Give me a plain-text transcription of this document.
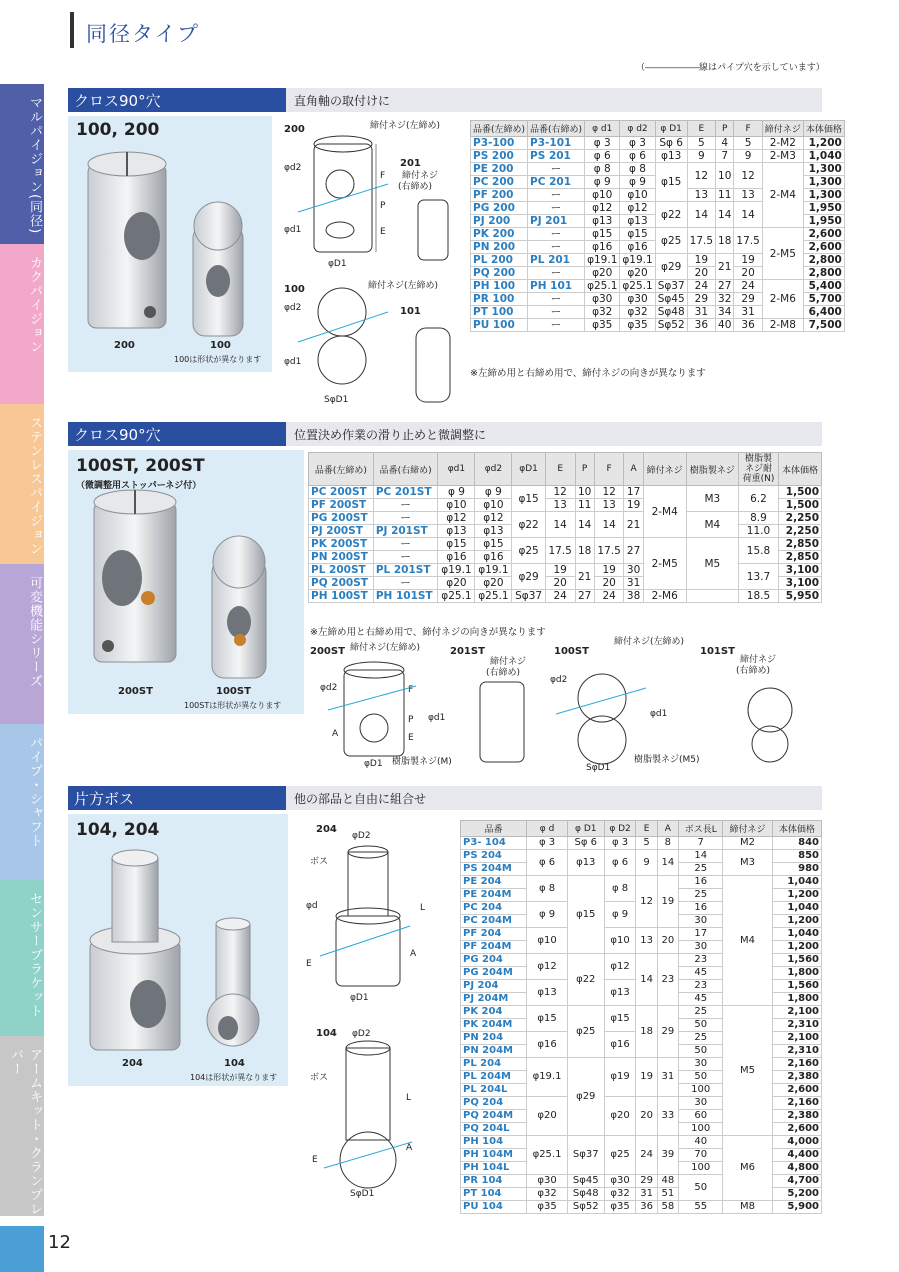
同径タイプ
（――――――線はパイプ穴を示しています）
マルパイジョン(同径)
カクパイジョン
ステンレスパイジョン
可変機能シリーズ
パイプ・シャフト
センサーブラケット
アームキット・クランプレバー
12
クロス90°穴	直角軸の取付けに
100, 200
200	100
100は形状が異なります
200	締付ネジ(左締め)
201
締付ネジ
(右締め)
φd2
φd1
φD1
F
P
E
100	締付ネジ(左締め)
101
φd2
φd1
SφD1
品番(左締め)	品番(右締め)	φ d1	φ d2	φ D1	E	P	F	締付ネジ	本体価格
P3-100	P3-101	φ 3	φ 3	Sφ 6	5	4	5	2-M2	1,200
PS 200	PS 201	φ 6	φ 6	φ13	9	7	9	2-M3	1,040
PE 200	ー	φ 8	φ 8	φ15	12	10	12	2-M4	1,300
PC 200	PC 201	φ 9	φ 9						1,300
PF 200	ー	φ10	φ10		13	11	13		1,300
PG 200	ー	φ12	φ12	φ22	14	14	14		1,950
PJ 200	PJ 201	φ13	φ13						1,950
PK 200	ー	φ15	φ15	φ25	17.5	18	17.5	2-M5	2,600
PN 200	ー	φ16	φ16						2,600
PL 200	PL 201	φ19.1	φ19.1	φ29	19	21	19		2,800
PQ 200	ー	φ20	φ20		20		20		2,800
PH 100	PH 101	φ25.1	φ25.1	Sφ37	24	27	24	2-M6	5,400
PR 100	ー	φ30	φ30	Sφ45	29	32	29		5,700
PT 100	ー	φ32	φ32	Sφ48	31	34	31		6,400
PU 100	ー	φ35	φ35	Sφ52	36	40	36	2-M8	7,500
※左締め用と右締め用で、締付ネジの向きが異なります
クロス90°穴	位置決め作業の滑り止めと微調整に
100ST, 200ST
（微調整用ストッパーネジ付）
200ST	100ST
100STは形状が異なります
品番(左締め)	品番(右締め)	φd1	φd2	φD1	E	P	F	A	締付ネジ	樹脂製ネジ	樹脂製ネジ耐荷重(N)	本体価格
PC 200ST	PC 201ST	φ 9	φ 9	φ15	12	10	12	17	2-M4	M3	6.2	1,500
PF 200ST	ー	φ10	φ10		13	11	13	19				1,500
PG 200ST	ー	φ12	φ12	φ22	14	14	14	21		M4	8.9	2,250
PJ 200ST	PJ 201ST	φ13	φ13								11.0	2,250
PK 200ST	ー	φ15	φ15	φ25	17.5	18	17.5	27	2-M5	M5	15.8	2,850
PN 200ST	ー	φ16	φ16									2,850
PL 200ST	PL 201ST	φ19.1	φ19.1	φ29	19	21	19	30			13.7	3,100
PQ 200ST	ー	φ20	φ20		20		20	31				3,100
PH 100ST	PH 101ST	φ25.1	φ25.1	Sφ37	24	27	24	38	2-M6		18.5	5,950
※左締め用と右締め用で、締付ネジの向きが異なります
200ST 締付ネジ(左締め)	201ST
締付ネジ
(右締め)
100ST
締付ネジ(左締め)
101ST
締付ネジ
(右締め)
φd2
φd1
φD1 樹脂製ネジ(M)
A
F
P
E
φd2
φd1
SφD1
樹脂製ネジ(M5)
片方ボス	他の部品と自由に組合せ
104, 204
204	104
104は形状が異なります
204
φD2
ボス
φd	L
A
E
φD1
104 φD2
ボス
L
A
E
SφD1
品番	φ d	φ D1	φ D2	E	A	ボス長L	締付ネジ	本体価格
P3- 104	φ 3	Sφ 6	φ 3	5	8	7	M2	840
PS 204	φ 6	φ13	φ 6	9	14	14	M3	850
PS 204M						25		980
PE 204	φ 8	φ15	φ 8	12	19	16	M4	1,040
PE 204M						25		1,200
PC 204	φ 9		φ 9			16		1,040
PC 204M						30		1,200
PF 204	φ10		φ10	13	20	17		1,040
PF 204M						30		1,200
PG 204	φ12	φ22	φ12	14	23	23		1,560
PG 204M						45		1,800
PJ 204	φ13		φ13			23		1,560
PJ 204M						45		1,800
PK 204	φ15	φ25	φ15	18	29	25	M5	2,100
PK 204M						50		2,310
PN 204	φ16		φ16			25		2,100
PN 204M						50		2,310
PL 204	φ19.1	φ29	φ19	19	31	30		2,160
PL 204M						50		2,380
PL 204L						100		2,600
PQ 204	φ20		φ20	20	33	30		2,160
PQ 204M						60		2,380
PQ 204L						100		2,600
PH 104	φ25.1	Sφ37	φ25	24	39	40	M6	4,000
PH 104M						70		4,400
PH 104L						100		4,800
PR 104	φ30	Sφ45	φ30	29	48	50		4,700
PT 104	φ32	Sφ48	φ32	31	51			5,200
PU 104	φ35	Sφ52	φ35	36	58	55	M8	5,900
